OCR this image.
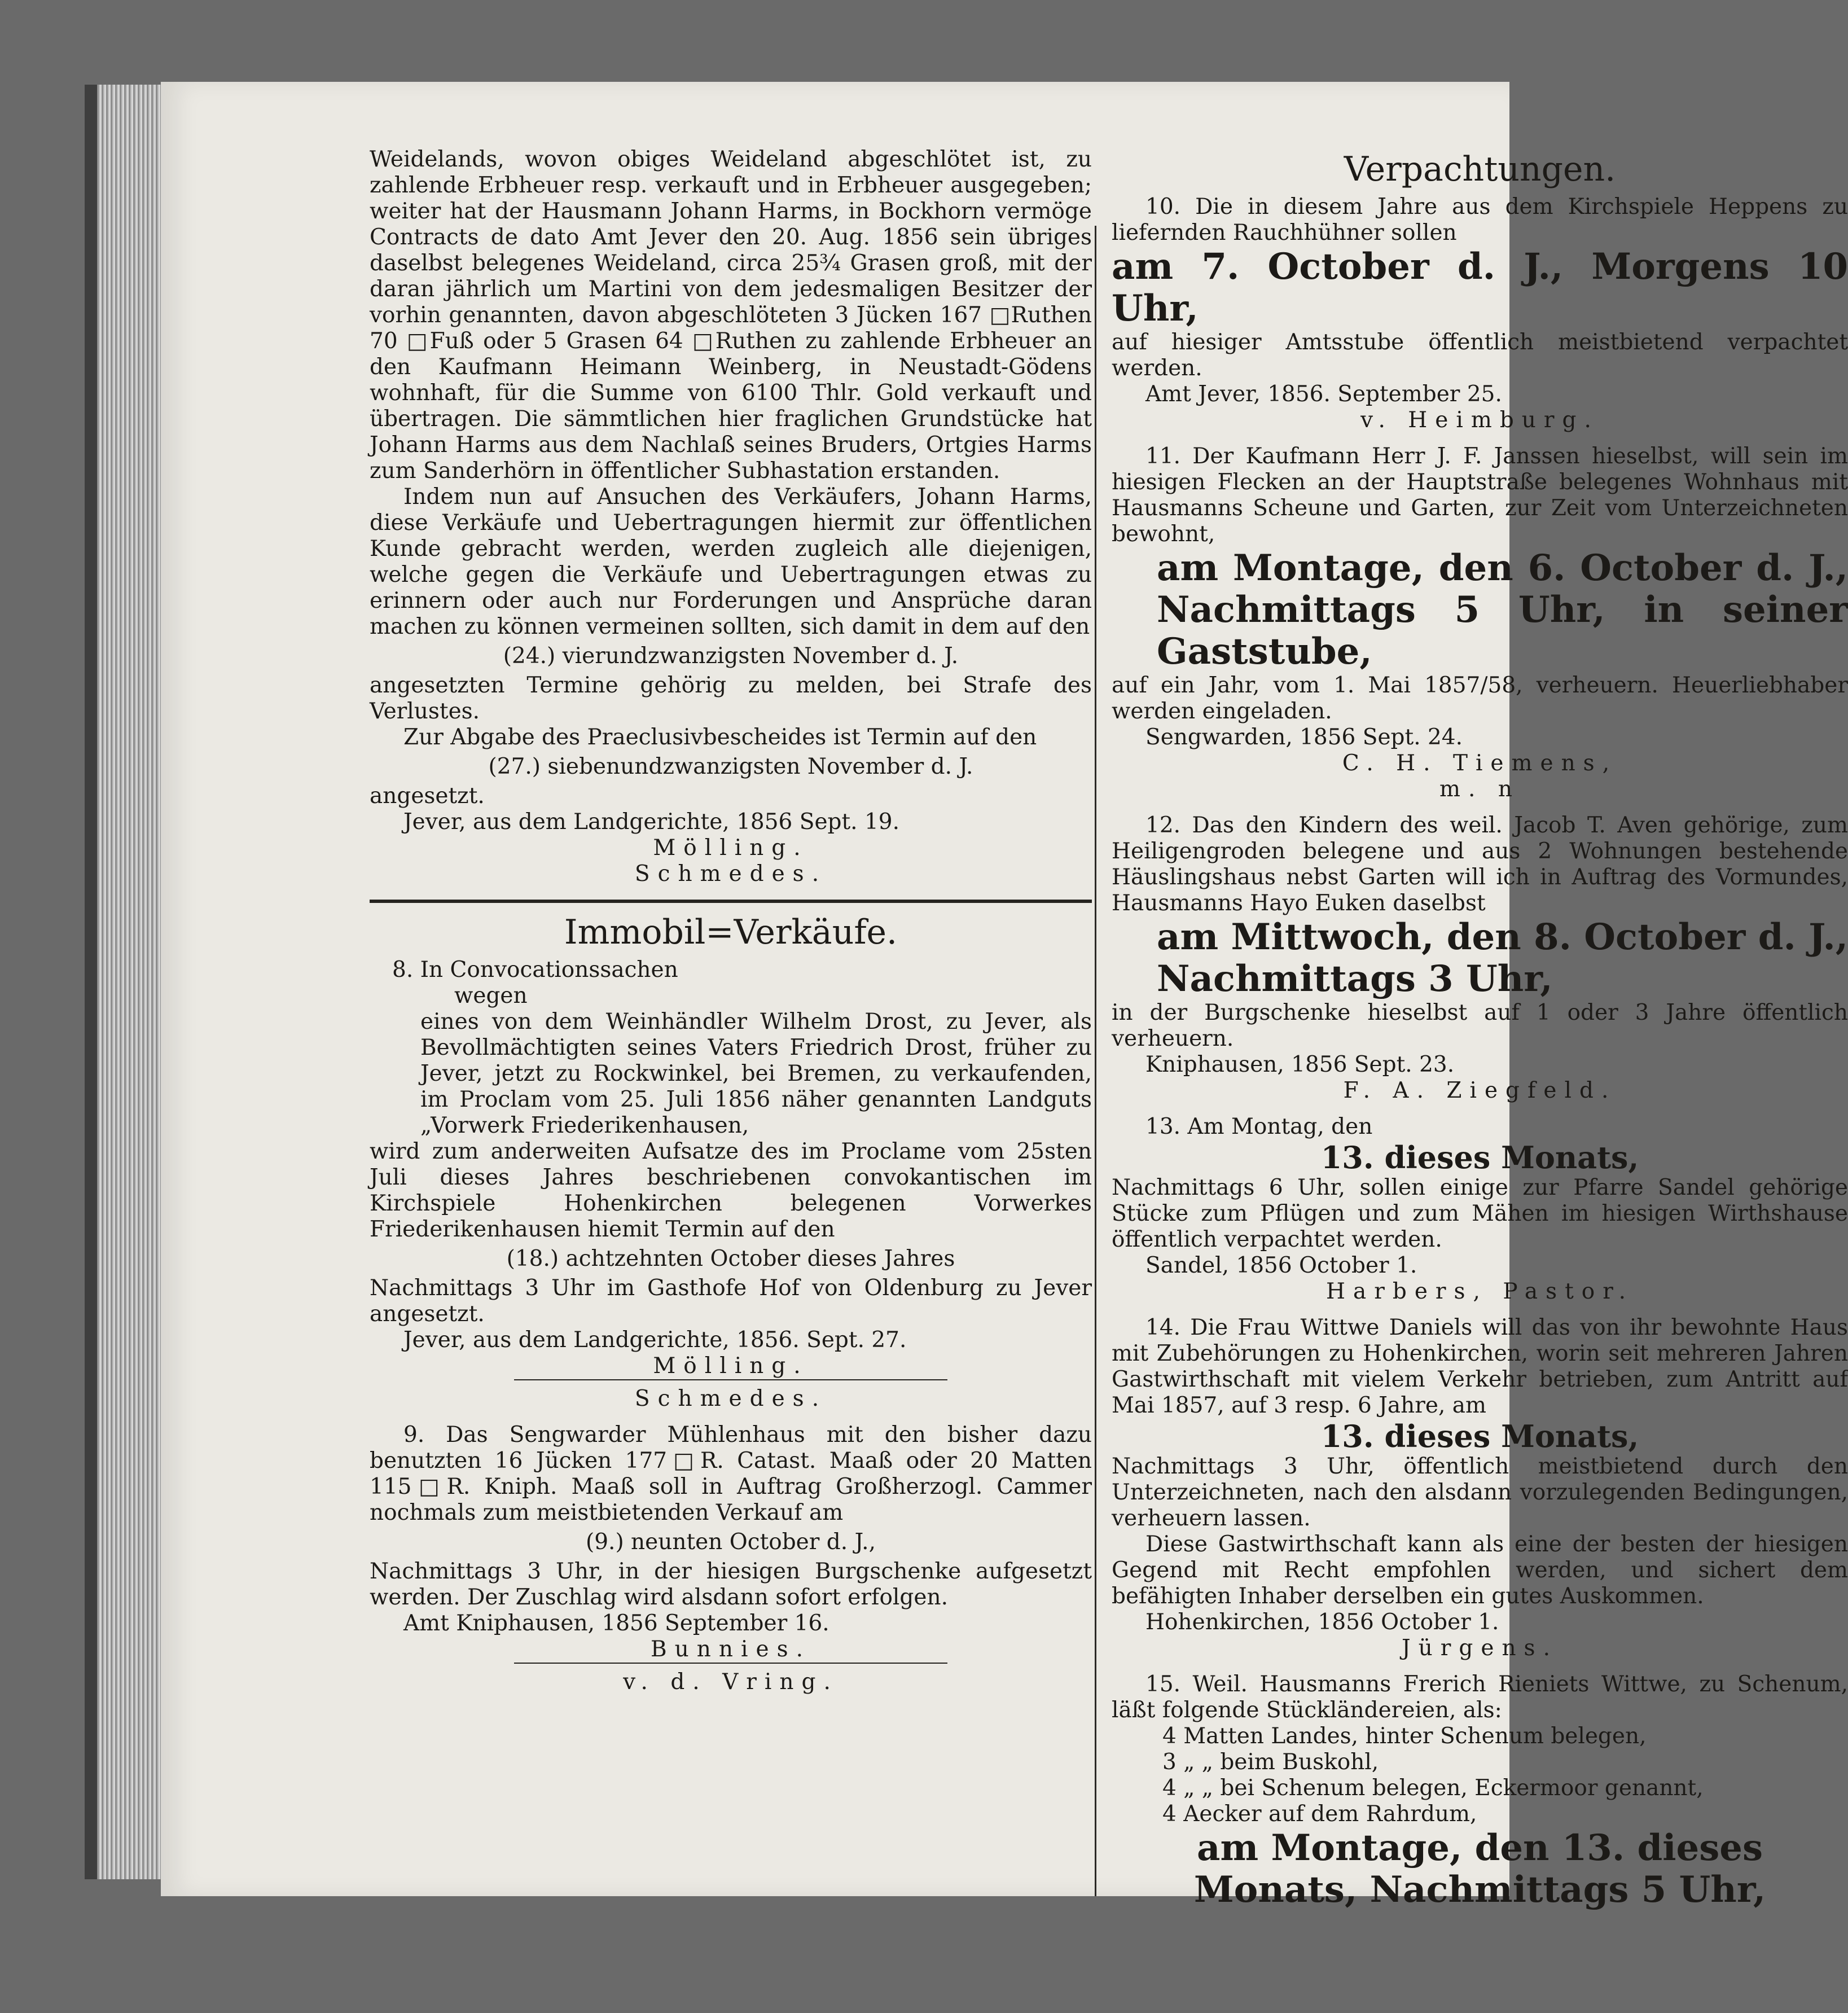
Weidelands, wovon obiges Weideland abgeschlötet ist, zu zahlende Erbheuer resp. verkauft und in Erbheuer ausgegeben; weiter hat der Hausmann Johann Harms, in Bockhorn vermöge Contracts de dato Amt Jever den 20. Aug. 1856 sein übriges daselbst belegenes Weideland, circa 25¾ Grasen groß, mit der daran jährlich um Martini von dem jedesmaligen Besitzer der vorhin genannten, davon abgeschlöteten 3 Jücken 167 □Ruthen 70 □Fuß oder 5 Grasen 64 □Ruthen zu zahlende Erbheuer an den Kaufmann Heimann Weinberg, in Neustadt-Gödens wohnhaft, für die Summe von 6100 Thlr. Gold verkauft und übertragen. Die sämmtlichen hier fraglichen Grundstücke hat Johann Harms aus dem Nachlaß seines Bruders, Ortgies Harms zum Sanderhörn in öffentlicher Subhastation erstanden.

Indem nun auf Ansuchen des Verkäufers, Johann Harms, diese Verkäufe und Uebertragungen hiermit zur öffentlichen Kunde gebracht werden, werden zugleich alle diejenigen, welche gegen die Verkäufe und Uebertragungen etwas zu erinnern oder auch nur Forderungen und Ansprüche daran machen zu können vermeinen sollten, sich damit in dem auf den

(24.) vierundzwanzigsten November d. J.

angesetzten Termine gehörig zu melden, bei Strafe des Verlustes.

Zur Abgabe des Praeclusivbescheides ist Termin auf den

(27.) siebenundzwanzigsten November d. J.

angesetzt.

Jever, aus dem Landgerichte, 1856 Sept. 19.

Mölling.

Schmedes.

Immobil=Verkäufe.

8. In Convocationssachen

wegen

eines von dem Weinhändler Wilhelm Drost, zu Jever, als Bevollmächtigten seines Vaters Friedrich Drost, früher zu Jever, jetzt zu Rockwinkel, bei Bremen, zu verkaufenden, im Proclam vom 25. Juli 1856 näher genannten Landguts „Vorwerk Friederikenhausen,

wird zum anderweiten Aufsatze des im Proclame vom 25sten Juli dieses Jahres beschriebenen convokantischen im Kirchspiele Hohenkirchen belegenen Vorwerkes Friederikenhausen hiemit Termin auf den

(18.) achtzehnten October dieses Jahres

Nachmittags 3 Uhr im Gasthofe Hof von Oldenburg zu Jever angesetzt.

Jever, aus dem Landgerichte, 1856. Sept. 27.

Mölling.

Schmedes.

9. Das Sengwarder Mühlenhaus mit den bisher dazu benutzten 16 Jücken 177□R. Catast. Maaß oder 20 Matten 115□R. Kniph. Maaß soll in Auftrag Großherzogl. Cammer nochmals zum meistbietenden Verkauf am

(9.) neunten October d. J.,

Nachmittags 3 Uhr, in der hiesigen Burgschenke aufgesetzt werden. Der Zuschlag wird alsdann sofort erfolgen.

Amt Kniphausen, 1856 September 16.

Bunnies.

v. d. Vring.

Verpachtungen.

10. Die in diesem Jahre aus dem Kirchspiele Heppens zu liefernden Rauchhühner sollen

am 7. October d. J., Morgens 10 Uhr,

auf hiesiger Amtsstube öffentlich meistbietend verpachtet werden.

Amt Jever, 1856. September 25.

v. Heimburg.

11. Der Kaufmann Herr J. F. Janssen hieselbst, will sein im hiesigen Flecken an der Hauptstraße belegenes Wohnhaus mit Hausmanns Scheune und Garten, zur Zeit vom Unterzeichneten bewohnt,

am Montage, den 6. October d. J., Nachmittags 5 Uhr, in seiner Gaststube,

auf ein Jahr, vom 1. Mai 1857/58, verheuern. Heuerliebhaber werden eingeladen.

Sengwarden, 1856 Sept. 24.

C. H. Tiemens,

m. n

12. Das den Kindern des weil. Jacob T. Aven gehörige, zum Heiligengroden belegene und aus 2 Wohnungen bestehende Häuslingshaus nebst Garten will ich in Auftrag des Vormundes, Hausmanns Hayo Euken daselbst

am Mittwoch, den 8. October d. J., Nachmittags 3 Uhr,

in der Burgschenke hieselbst auf 1 oder 3 Jahre öffentlich verheuern.

Kniphausen, 1856 Sept. 23.

F. A. Ziegfeld.

13. Am Montag, den

13. dieses Monats,

Nachmittags 6 Uhr, sollen einige zur Pfarre Sandel gehörige Stücke zum Pflügen und zum Mähen im hiesigen Wirthshause öffentlich verpachtet werden.

Sandel, 1856 October 1.

Harbers, Pastor.

14. Die Frau Wittwe Daniels will das von ihr bewohnte Haus mit Zubehörungen zu Hohenkirchen, worin seit mehreren Jahren Gastwirthschaft mit vielem Verkehr betrieben, zum Antritt auf Mai 1857, auf 3 resp. 6 Jahre, am

13. dieses Monats,

Nachmittags 3 Uhr, öffentlich meistbietend durch den Unterzeichneten, nach den alsdann vorzulegenden Bedingungen, verheuern lassen.

Diese Gastwirthschaft kann als eine der besten der hiesigen Gegend mit Recht empfohlen werden, und sichert dem befähigten Inhaber derselben ein gutes Auskommen.

Hohenkirchen, 1856 October 1.

Jürgens.

15. Weil. Hausmanns Frerich Rieniets Wittwe, zu Schenum, läßt folgende Stückländereien, als:

4 Matten Landes, hinter Schenum belegen,

3 „ „ beim Buskohl,

4 „ „ bei Schenum belegen, Eckermoor genannt,

4 Aecker auf dem Rahrdum,

am Montage, den 13. dieses Monats, Nachmittags 5 Uhr,
